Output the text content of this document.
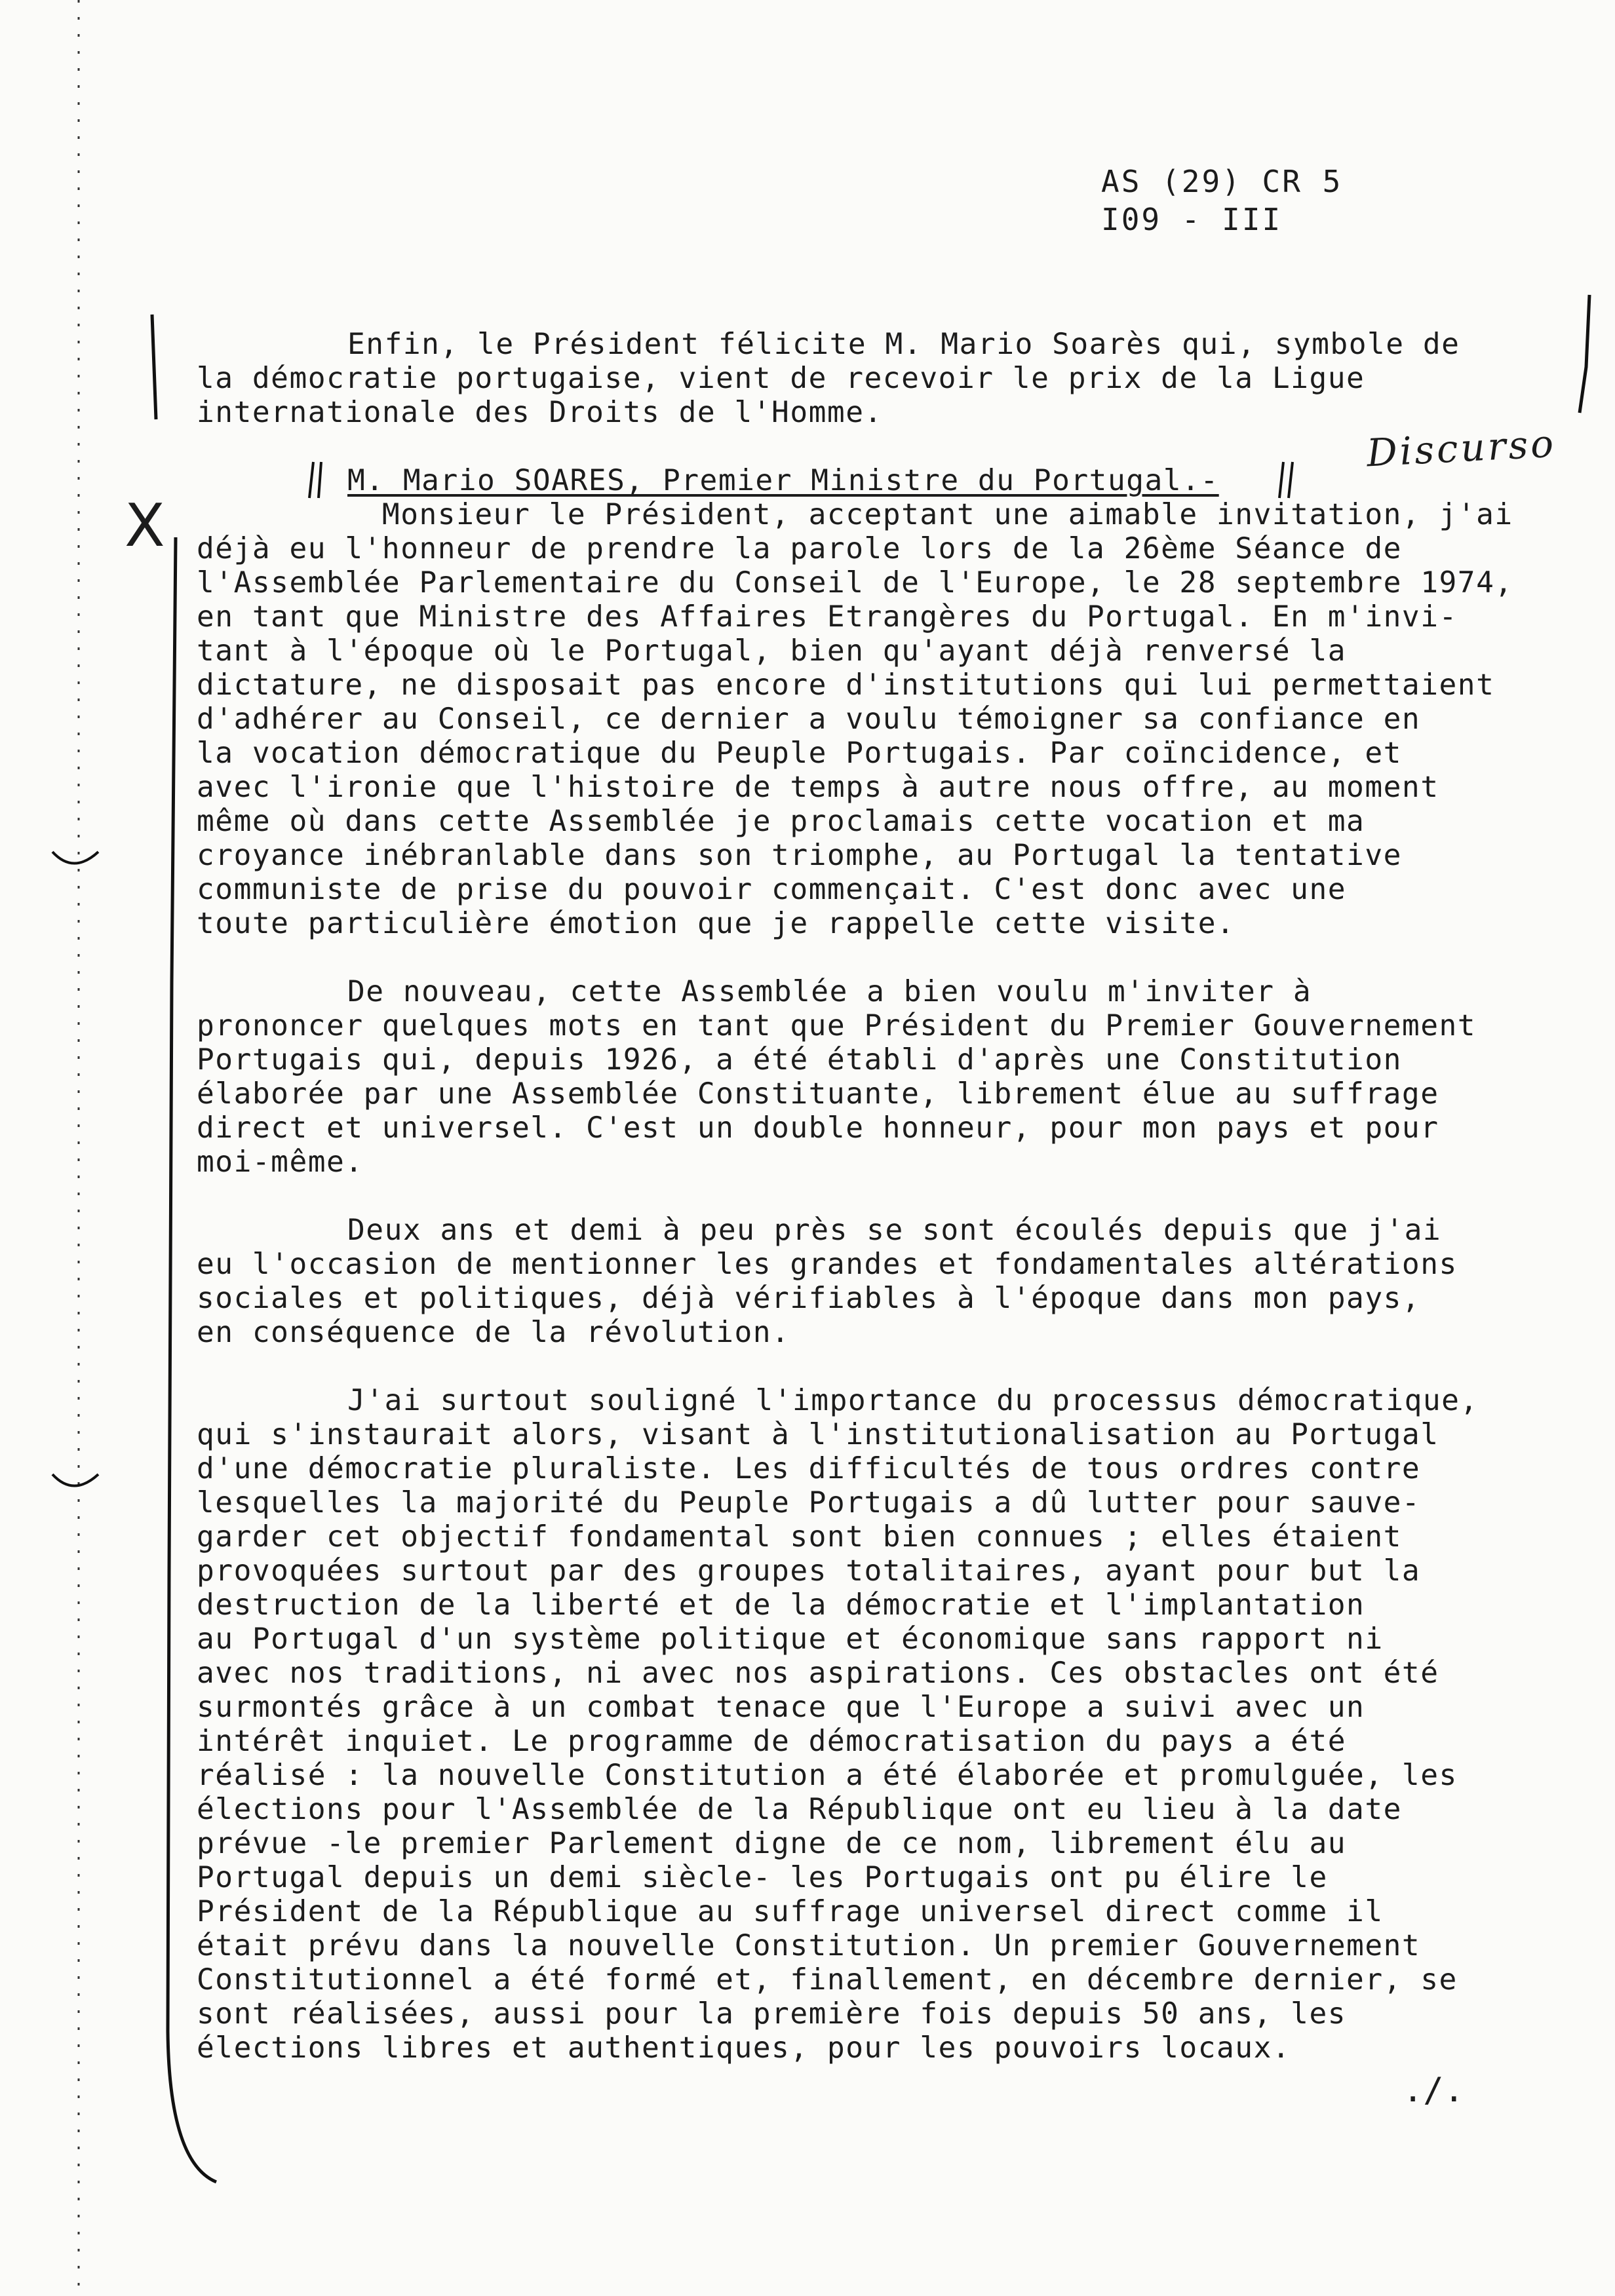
AS (29) CR 5
I09 - III
Discurso
X
Enfin, le Président félicite M. Mario Soarès qui, symbole de
la démocratie portugaise, vient de recevoir le prix de la Ligue
internationale des Droits de l'Homme.
M. Mario SOARES, Premier Ministre du Portugal.-
Monsieur le Président, acceptant une aimable invitation, j'ai
déjà eu l'honneur de prendre la parole lors de la 26ème Séance de
l'Assemblée Parlementaire du Conseil de l'Europe, le 28 septembre 1974,
en tant que Ministre des Affaires Etrangères du Portugal. En m'invi-
tant à l'époque où le Portugal, bien qu'ayant déjà renversé la
dictature, ne disposait pas encore d'institutions qui lui permettaient
d'adhérer au Conseil, ce dernier a voulu témoigner sa confiance en
la vocation démocratique du Peuple Portugais. Par coïncidence, et
avec l'ironie que l'histoire de temps à autre nous offre, au moment
même où dans cette Assemblée je proclamais cette vocation et ma
croyance inébranlable dans son triomphe, au Portugal la tentative
communiste de prise du pouvoir commençait. C'est donc avec une
toute particulière émotion que je rappelle cette visite.
De nouveau, cette Assemblée a bien voulu m'inviter à
prononcer quelques mots en tant que Président du Premier Gouvernement
Portugais qui, depuis 1926, a été établi d'après une Constitution
élaborée par une Assemblée Constituante, librement élue au suffrage
direct et universel. C'est un double honneur, pour mon pays et pour
moi-même.
Deux ans et demi à peu près se sont écoulés depuis que j'ai
eu l'occasion de mentionner les grandes et fondamentales altérations
sociales et politiques, déjà vérifiables à l'époque dans mon pays,
en conséquence de la révolution.
J'ai surtout souligné l'importance du processus démocratique,
qui s'instaurait alors, visant à l'institutionalisation au Portugal
d'une démocratie pluraliste. Les difficultés de tous ordres contre
lesquelles la majorité du Peuple Portugais a dû lutter pour sauve-
garder cet objectif fondamental sont bien connues ; elles étaient
provoquées surtout par des groupes totalitaires, ayant pour but la
destruction de la liberté et de la démocratie et l'implantation
au Portugal d'un système politique et économique sans rapport ni
avec nos traditions, ni avec nos aspirations. Ces obstacles ont été
surmontés grâce à un combat tenace que l'Europe a suivi avec un
intérêt inquiet. Le programme de démocratisation du pays a été
réalisé : la nouvelle Constitution a été élaborée et promulguée, les
élections pour l'Assemblée de la République ont eu lieu à la date
prévue -le premier Parlement digne de ce nom, librement élu au
Portugal depuis un demi siècle- les Portugais ont pu élire le
Président de la République au suffrage universel direct comme il
était prévu dans la nouvelle Constitution. Un premier Gouvernement
Constitutionnel a été formé et, finallement, en décembre dernier, se
sont réalisées, aussi pour la première fois depuis 50 ans, les
élections libres et authentiques, pour les pouvoirs locaux.
./.
